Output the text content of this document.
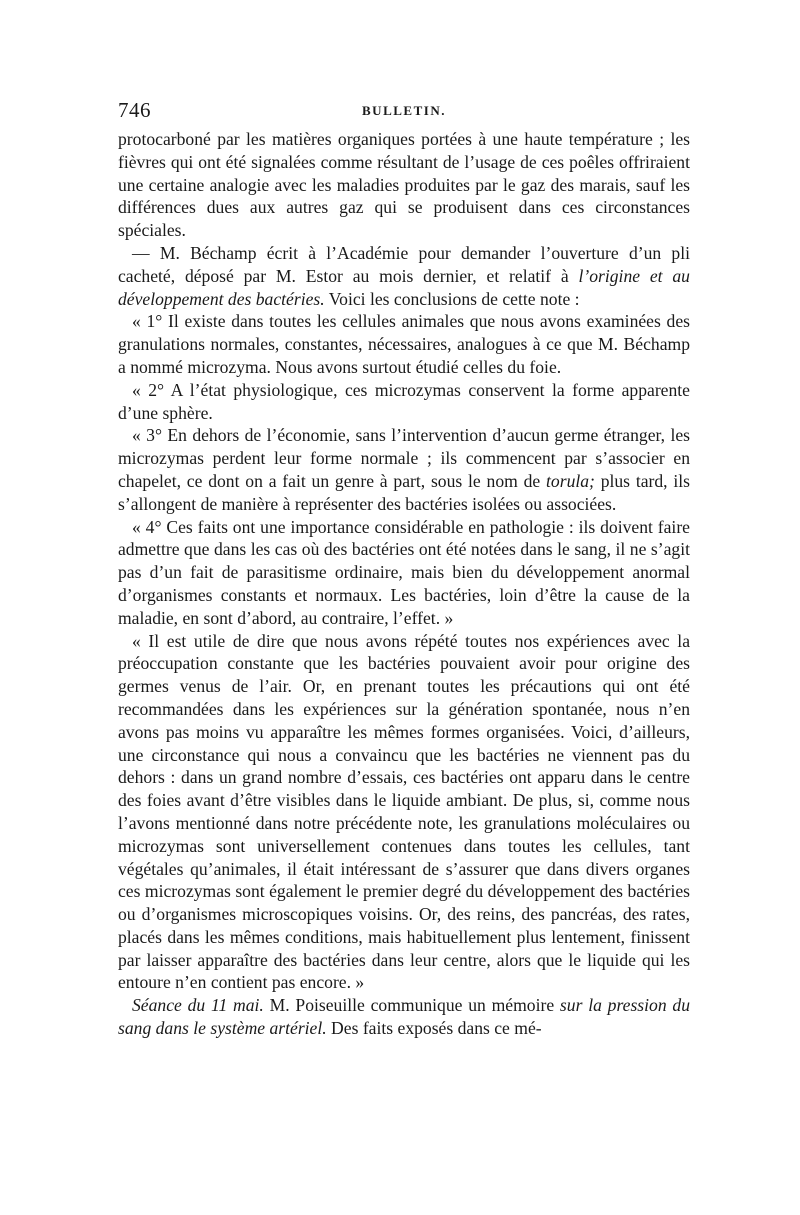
746	BULLETIN.

protocarboné par les matières organiques portées à une haute température ; les fièvres qui ont été signalées comme résultant de l’usage de ces poêles offriraient une certaine analogie avec les maladies produites par le gaz des marais, sauf les différences dues aux autres gaz qui se produisent dans ces circonstances spéciales.

— M. Béchamp écrit à l’Académie pour demander l’ouverture d’un pli cacheté, déposé par M. Estor au mois dernier, et relatif à l’origine et au développement des bactéries. Voici les conclusions de cette note :

« 1° Il existe dans toutes les cellules animales que nous avons examinées des granulations normales, constantes, nécessaires, analogues à ce que M. Béchamp a nommé microzyma. Nous avons surtout étudié celles du foie.

« 2° A l’état physiologique, ces microzymas conservent la forme apparente d’une sphère.

« 3° En dehors de l’économie, sans l’intervention d’aucun germe étranger, les microzymas perdent leur forme normale ; ils commencent par s’associer en chapelet, ce dont on a fait un genre à part, sous le nom de torula; plus tard, ils s’allongent de manière à représenter des bactéries isolées ou associées.

« 4° Ces faits ont une importance considérable en pathologie : ils doivent faire admettre que dans les cas où des bactéries ont été notées dans le sang, il ne s’agit pas d’un fait de parasitisme ordinaire, mais bien du développement anormal d’organismes constants et normaux. Les bactéries, loin d’être la cause de la maladie, en sont d’abord, au contraire, l’effet. »

« Il est utile de dire que nous avons répété toutes nos expériences avec la préoccupation constante que les bactéries pouvaient avoir pour origine des germes venus de l’air. Or, en prenant toutes les précautions qui ont été recommandées dans les expériences sur la génération spontanée, nous n’en avons pas moins vu apparaître les mêmes formes organisées. Voici, d’ailleurs, une circonstance qui nous a convaincu que les bactéries ne viennent pas du dehors : dans un grand nombre d’essais, ces bactéries ont apparu dans le centre des foies avant d’être visibles dans le liquide ambiant. De plus, si, comme nous l’avons mentionné dans notre précédente note, les granulations moléculaires ou microzymas sont universellement contenues dans toutes les cellules, tant végétales qu’animales, il était intéressant de s’assurer que dans divers organes ces microzymas sont également le premier degré du développement des bactéries ou d’organismes microscopiques voisins. Or, des reins, des pancréas, des rates, placés dans les mêmes conditions, mais habituellement plus lentement, finissent par laisser apparaître des bactéries dans leur centre, alors que le liquide qui les entoure n’en contient pas encore. »

Séance du 11 mai. M. Poiseuille communique un mémoire sur la pression du sang dans le système artériel. Des faits exposés dans ce mé-
